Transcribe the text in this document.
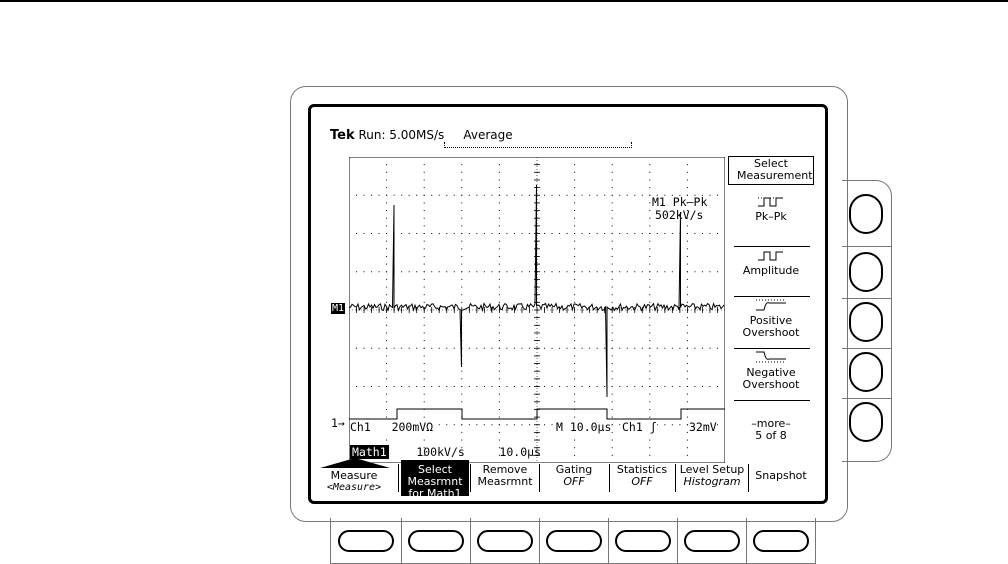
Tek Run: 5.00MS/s Average
M1
1→
M1 Pk–Pk
502kV/s
Ch1 200mVΩ	M 10.0µs Ch1 ʃ	32mV
Math1	100kV/s	10.0µs
Select Measurement

Pk–Pk

Amplitude

Positive Overshoot

Negative Overshoot
–more–
5 of 8
Measure
<Measure>
Select Measrmnt
for Math1
Remove Measrmnt
Gating
OFF
Statistics
OFF
Level Setup
Histogram	Snapshot
